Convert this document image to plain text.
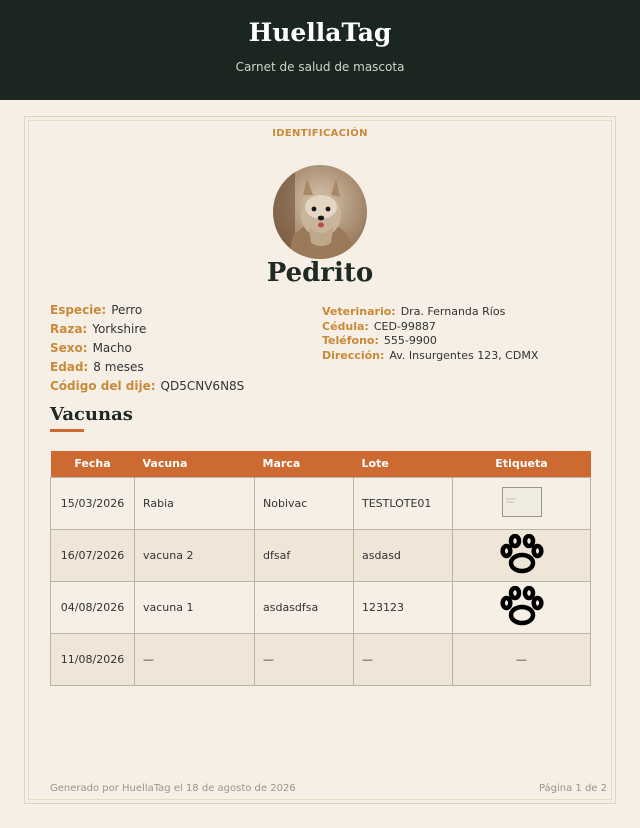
HuellaTag
Carnet de salud de mascota
IDENTIFICACIÓN
Pedrito
Especie: Perro
Raza: Yorkshire
Sexo: Macho
Edad: 8 meses
Código del dije: QD5CNV6N8S
Veterinario: Dra. Fernanda Ríos
Cédula: CED-99887
Teléfono: 555-9900
Dirección: Av. Insurgentes 123, CDMX
Vacunas
Fecha	Vacuna	Marca	Lote	Etiqueta
15/03/2026	Rabia	Nobivac	TESTLOTE01	
16/07/2026	vacuna 2	dfsaf	asdasd	
04/08/2026	vacuna 1	asdasdfsa	123123	
11/08/2026	—	—	—	—
Generado por HuellaTag el 18 de agosto de 2026	Página 1 de 2
